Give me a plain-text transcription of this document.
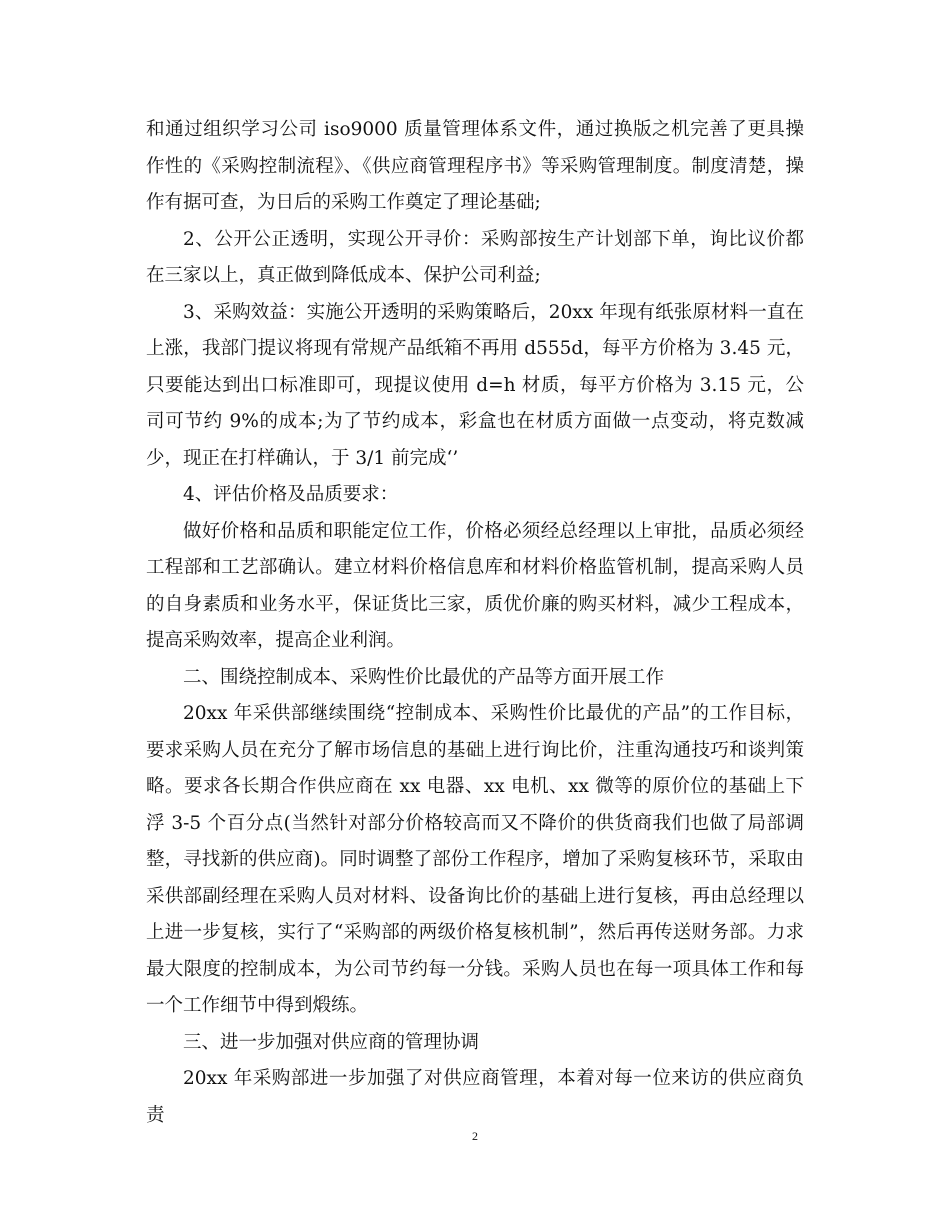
和通过组织学习公司 iso9000 质量管理体系文件，通过换版之机完善了更具操作性的《采购控制流程》、《供应商管理程序书》等采购管理制度。制度清楚，操作有据可查，为日后的采购工作奠定了理论基础;

2、公开公正透明，实现公开寻价：采购部按生产计划部下单，询比议价都在三家以上，真正做到降低成本、保护公司利益;

3、采购效益：实施公开透明的采购策略后，20xx 年现有纸张原材料一直在上涨，我部门提议将现有常规产品纸箱不再用 d555d，每平方价格为 3.45 元，只要能达到出口标准即可，现提议使用 d=h 材质，每平方价格为 3.15 元，公司可节约 9%的成本;为了节约成本，彩盒也在材质方面做一点变动，将克数减少，现正在打样确认，于 3/1 前完成‘’

4、评估价格及品质要求：

做好价格和品质和职能定位工作，价格必须经总经理以上审批，品质必须经工程部和工艺部确认。建立材料价格信息库和材料价格监管机制，提高采购人员的自身素质和业务水平，保证货比三家，质优价廉的购买材料，减少工程成本，提高采购效率，提高企业利润。

二、围绕控制成本、采购性价比最优的产品等方面开展工作

20xx 年采供部继续围绕“控制成本、采购性价比最优的产品”的工作目标，要求采购人员在充分了解市场信息的基础上进行询比价，注重沟通技巧和谈判策略。要求各长期合作供应商在 xx 电器、xx 电机、xx 微等的原价位的基础上下浮 3-5 个百分点(当然针对部分价格较高而又不降价的供货商我们也做了局部调整，寻找新的供应商)。同时调整了部份工作程序，增加了采购复核环节，采取由采供部副经理在采购人员对材料、设备询比价的基础上进行复核，再由总经理以上进一步复核，实行了“采购部的两级价格复核机制”，然后再传送财务部。力求最大限度的控制成本，为公司节约每一分钱。采购人员也在每一项具体工作和每一个工作细节中得到煅练。

三、进一步加强对供应商的管理协调

20xx 年采购部进一步加强了对供应商管理，本着对每一位来访的供应商负责

2
